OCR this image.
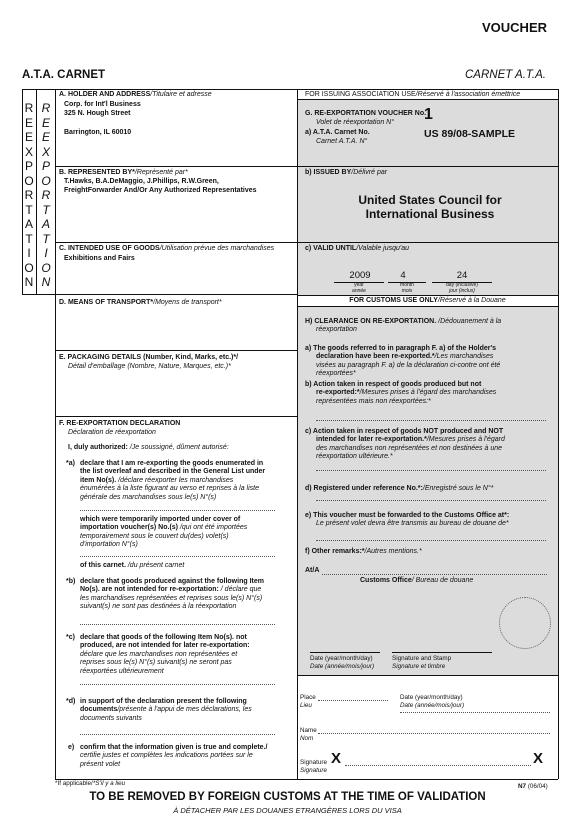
VOUCHER
A.T.A. CARNET	CARNET A.T.A.
R
E
E
X
P
O
R
T
A
T
I
O
N
R
E
E
X
P
O
R
T
A
T
I
O
N
A. HOLDER AND ADDRESS/Titulaire et adresse
Corp. for Int'l Business
325 N. Hough Street
Barrington, IL 60010
B. REPRESENTED BY*/Représenté par*
T.Hawks, B.A.DeMaggio, J.Phillips, R.W.Green,
FreightForwarder And/Or Any Authorized Representatives
C. INTENDED USE OF GOODS/Utilisation prévue des marchandises
Exhibitions and Fairs
D. MEANS OF TRANSPORT*/Moyens de transport*
E. PACKAGING DETAILS (Number, Kind, Marks, etc.)*/
Détail d'emballage (Nombre, Nature, Marques, etc.)*
F. RE-EXPORTATION DECLARATION
Déclaration de réexportation
I, duly authorized: /Je soussigné, dûment autorisé:
*a) declare that I am re-exporting the goods enumerated in
the list overleaf and described in the General List under
item No(s). /déclare réexporter les marchandises
énumérées à la liste figurant au verso et reprises à la liste
générale des marchandises sous le(s) N°(s)
which were temporarily imported under cover of
importation voucher(s) No.(s) /qui ont été importées
temporairement sous le couvert du(des) volet(s)
d'importation N°(s)
of this carnet. /du présent carnet
*b) declare that goods produced against the following Item
No(s). are not intended for re-exportation: / déclare que
les marchandises représentées et reprises sous le(s) N°(s)
suivant(s) ne sont pas destinées à la réexportation
*c) declare that goods of the following Item No(s). not
produced, are not intended for later re-exportation:
déclare que les marchandises non représentées et
reprises sous le(s) N°(s) suivant(s) ne seront pas
réexportées ultérieurement
*d) in support of the declaration present the following
documents/présente à l'appui de mes déclarations, les
documents suivants
e) confirm that the information given is true and complete./
certifie justes et complètes les indications portées sur le
présent volet
*If applicable/*S'il y a lieu
FOR ISSUING ASSOCIATION USE/Réservé à l'association émettrice
G. RE-EXPORTATION VOUCHER No.
Volet de réexportation N° 1
a) A.T.A. Carnet No.
Carnet A.T.A. N°
US 89/08-SAMPLE
b) ISSUED BY/Délivré par
United States Council for
International Business
c) VALID UNTIL/Valable jusqu'au
2009	4	24
year
année
month
mois
day (inclusive)
jour (inclus)
FOR CUSTOMS USE ONLY/Réservé à la Douane
H) CLEARANCE ON RE-EXPORTATION. /Dédouanement à la
réexportation
a) The goods referred to in paragraph F. a) of the Holder's
declaration have been re-exported.*/Les marchandises
visées au paragraph F. a) de la déclaration ci-contre ont été
réexportées*
b) Action taken in respect of goods produced but not
re-exported:*/Mesures prises à l'égard des marchandises
représentées mais non réexportées:*
c) Action taken in respect of goods NOT produced and NOT
intended for later re-exportation.*/Mesures prises à l'égard
des marchandises non représentées et non destinées à une
réexportation ultérieure.*
d) Registered under reference No.*:/Enregistré sous le N°*
e) This voucher must be forwarded to the Customs Office at*:
Le présent volet devra être transmis au bureau de douane de*
f) Other remarks:*/Autres mentions.*
At/A
Customs Office/ Bureau de douane
Date (year/month/day)
Date (année/mois/jour)
Signature and Stamp
Signature et timbre
Place
Lieu
Date (year/month/day)
Date (année/mois/jour)
Name
Nom
Signature
Signature
X	X
N7 (06/04)
TO BE REMOVED BY FOREIGN CUSTOMS AT THE TIME OF VALIDATION
À DÉTACHER PAR LES DOUANES ETRANGÈRES LORS DU VISA
